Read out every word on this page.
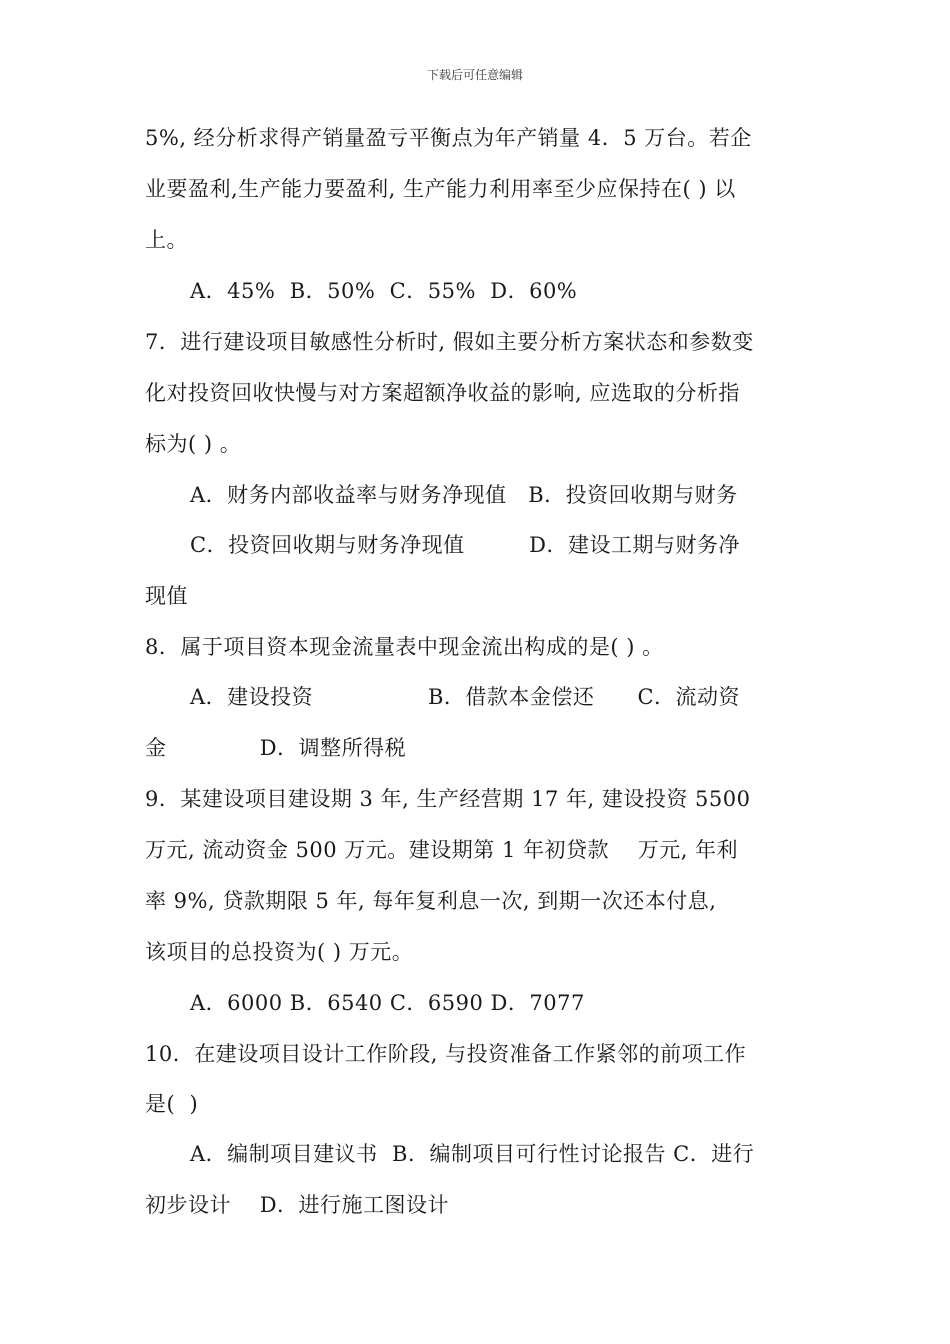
下载后可任意编辑
5%, 经分析求得产销量盈亏平衡点为年产销量 4．5 万台。若企
业要盈利,生产能力要盈利, 生产能力利用率至少应保持在( ) 以
上。
A．45%  B．50%  C．55%  D．60%
7．进行建设项目敏感性分析时, 假如主要分析方案状态和参数变
化对投资回收快慢与对方案超额净收益的影响, 应选取的分析指
标为( ) 。
A．财务内部收益率与财务净现值   B．投资回收期与财务
C．投资回收期与财务净现值         D．建设工期与财务净
现值
8．属于项目资本现金流量表中现金流出构成的是( ) 。
A．建设投资                B．借款本金偿还      C．流动资
金             D．调整所得税
9．某建设项目建设期 3 年, 生产经营期 17 年, 建设投资 5500
万元, 流动资金 500 万元。建设期第 1 年初贷款    万元, 年利
率 9%, 贷款期限 5 年, 每年复利息一次, 到期一次还本付息,
该项目的总投资为( ) 万元。
A．6000 B．6540 C．6590 D．7077
10．在建设项目设计工作阶段, 与投资准备工作紧邻的前项工作
是(  )
A．编制项目建议书  B．编制项目可行性讨论报告 C．进行
初步设计    D．进行施工图设计
